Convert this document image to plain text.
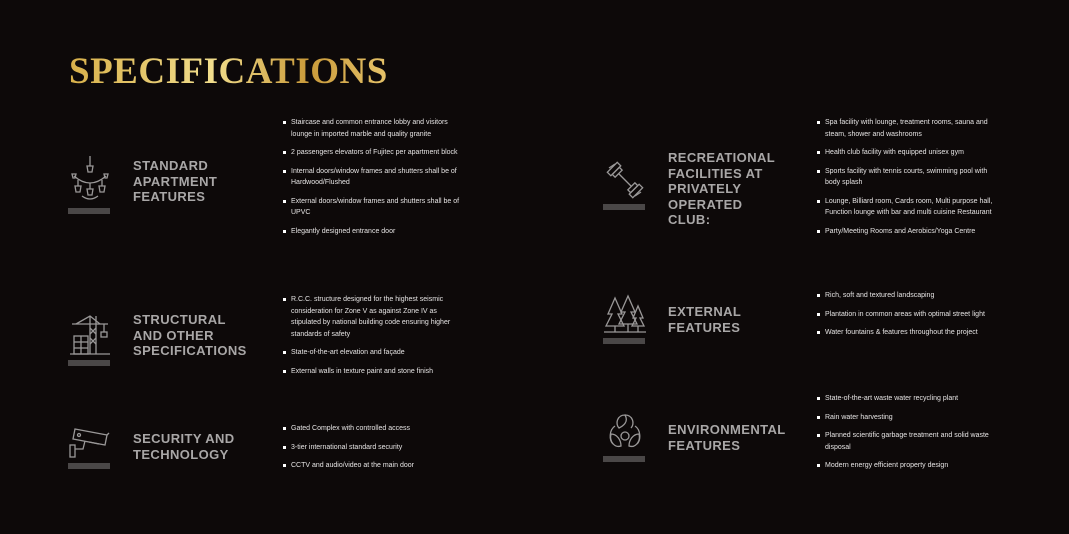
SPECIFICATIONS
STANDARD APARTMENT FEATURES
Staircase and common entrance lobby and visitors lounge in imported marble and quality granite
2 passengers elevators of Fujitec per apartment block
Internal doors/window frames and shutters shall be of Hardwood/Flushed
External doors/window frames and shutters shall be of UPVC
Elegantly designed entrance door
RECREATIONAL FACILITIES AT PRIVATELY OPERATED CLUB:
Spa facility with lounge, treatment rooms, sauna and steam, shower and washrooms
Health club facility with equipped unisex gym
Sports facility with tennis courts, swimming pool with body splash
Lounge, Billiard room, Cards room, Multi purpose hall, Function lounge with bar and multi cuisine Restaurant
Party/Meeting Rooms and Aerobics/Yoga Centre
STRUCTURAL AND OTHER SPECIFICATIONS
R.C.C. structure designed for the highest seismic consideration for Zone V as against Zone IV as stipulated by national building code ensuring higher standards of safety
State-of-the-art elevation and façade
External walls in texture paint and stone finish
EXTERNAL FEATURES
Rich, soft and textured landscaping
Plantation in common areas with optimal street light
Water fountains & features throughout the project
SECURITY AND TECHNOLOGY
Gated Complex with controlled access
3-tier international standard security
CCTV and audio/video at the main door
ENVIRONMENTAL FEATURES
State-of-the-art waste water recycling plant
Rain water harvesting
Planned scientific garbage treatment and solid waste disposal
Modern energy efficient property design
